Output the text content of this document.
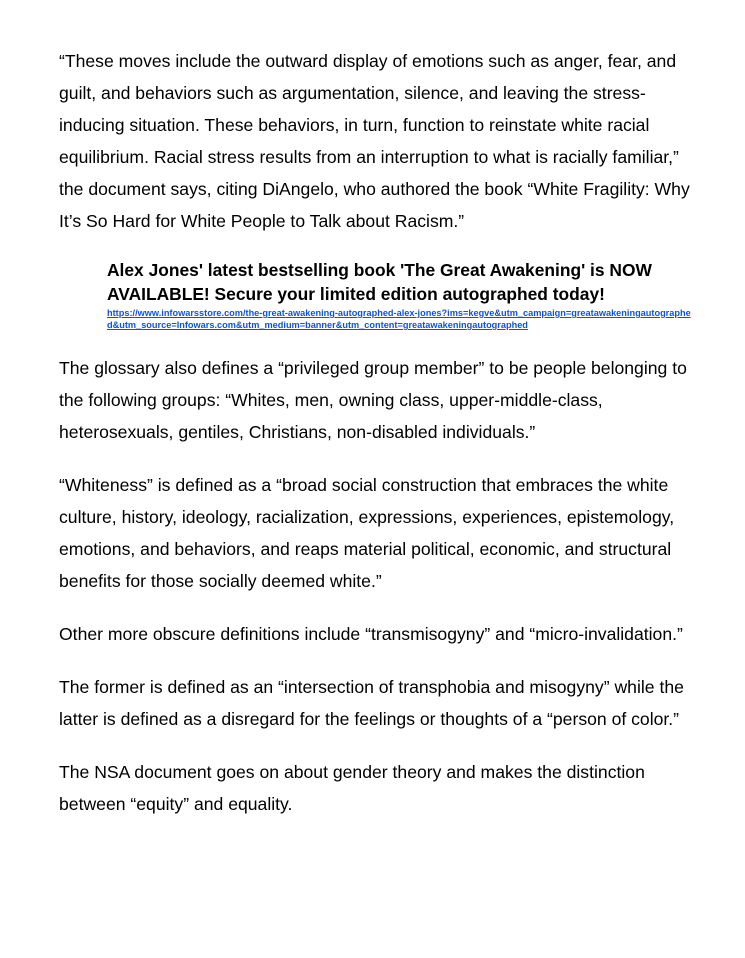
“These moves include the outward display of emotions such as anger, fear, and guilt, and behaviors such as argumentation, silence, and leaving the stress-inducing situation. These behaviors, in turn, function to reinstate white racial equilibrium. Racial stress results from an interruption to what is racially familiar,” the document says, citing DiAngelo, who authored the book “White Fragility: Why It’s So Hard for White People to Talk about Racism.”

Alex Jones' latest bestselling book 'The Great Awakening' is NOW AVAILABLE! Secure your limited edition autographed today!

https://www.infowarsstore.com/the-great-awakening-autographed-alex-jones?ims=kegve&utm_campaign=greatawakeningautographed&utm_source=Infowars.com&utm_medium=banner&utm_content=greatawakeningautographed

The glossary also defines a “privileged group member” to be people belonging to the following groups: “Whites, men, owning class, upper-middle-class, heterosexuals, gentiles, Christians, non-disabled individuals.”

“Whiteness” is defined as a “broad social construction that embraces the white culture, history, ideology, racialization, expressions, experiences, epistemology, emotions, and behaviors, and reaps material political, economic, and structural benefits for those socially deemed white.”

Other more obscure definitions include “transmisogyny” and “micro-invalidation.”

The former is defined as an “intersection of transphobia and misogyny” while the latter is defined as a disregard for the feelings or thoughts of a “person of color.”

The NSA document goes on about gender theory and makes the distinction between “equity” and equality.
